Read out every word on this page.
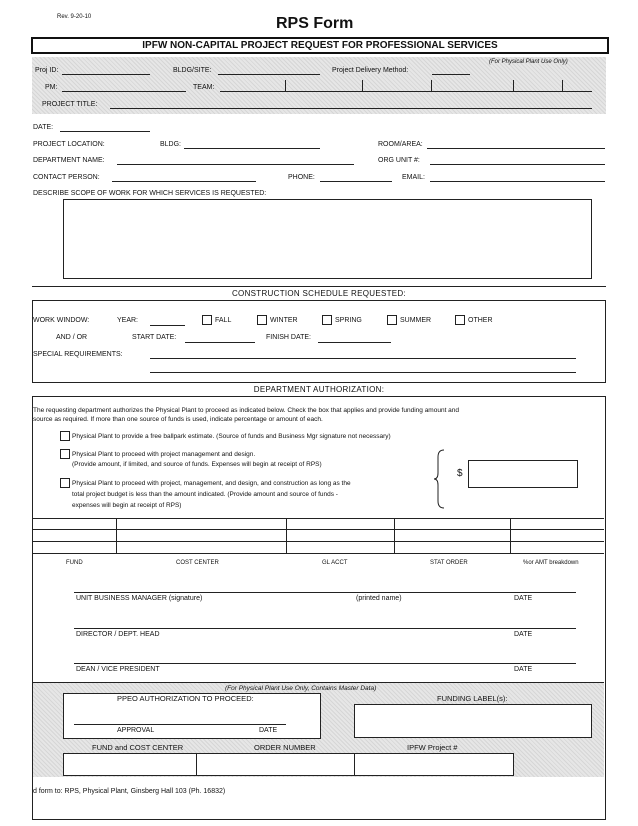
Rev. 9-20-10	RPS Form
IPFW NON-CAPITAL PROJECT REQUEST FOR PROFESSIONAL SERVICES
(For Physical Plant Use Only)
Proj ID:	BLDG/SITE:	Project Delivery Method:
PM:	TEAM:
PROJECT TITLE:
DATE:
PROJECT LOCATION:	BLDG:	ROOM/AREA:
DEPARTMENT NAME:	ORG UNIT #:
CONTACT PERSON:	PHONE:	EMAIL:
DESCRIBE SCOPE OF WORK FOR WHICH SERVICES IS REQUESTED:
CONSTRUCTION SCHEDULE REQUESTED:
WORK WINDOW:	YEAR:	FALL	WINTER	SPRING	SUMMER	OTHER
AND / OR	START DATE:	FINISH DATE:
SPECIAL REQUIREMENTS:
DEPARTMENT AUTHORIZATION:
The requesting department authorizes the Physical Plant to proceed as indicated below. Check the box that applies and provide funding amount and
source as required. If more than one source of funds is used, indicate percentage or amount of each.
Physical Plant to provide a free ballpark estimate. (Source of funds and Business Mgr signature not necessary)
Physical Plant to proceed with project management and design.
(Provide amount, if limited, and source of funds. Expenses will begin at receipt of RPS)
Physical Plant to proceed with project, management, and design, and construction as long as the
total project budget is less than the amount indicated. (Provide amount and source of funds -
expenses will begin at receipt of RPS)
$
FUND	COST CENTER	GL ACCT	STAT ORDER	%or AMT breakdown
UNIT BUSINESS MANAGER (signature)	(printed name)	DATE
DIRECTOR / DEPT. HEAD	DATE
DEAN / VICE PRESIDENT	DATE
(For Physical Plant Use Only, Contains Master Data)
PPEO AUTHORIZATION TO PROCEED:
APPROVAL	DATE
FUNDING LABEL(s):
FUND and COST CENTER	ORDER NUMBER	IPFW Project #
d form to: RPS, Physical Plant, Ginsberg Hall 103 (Ph. 16832)
